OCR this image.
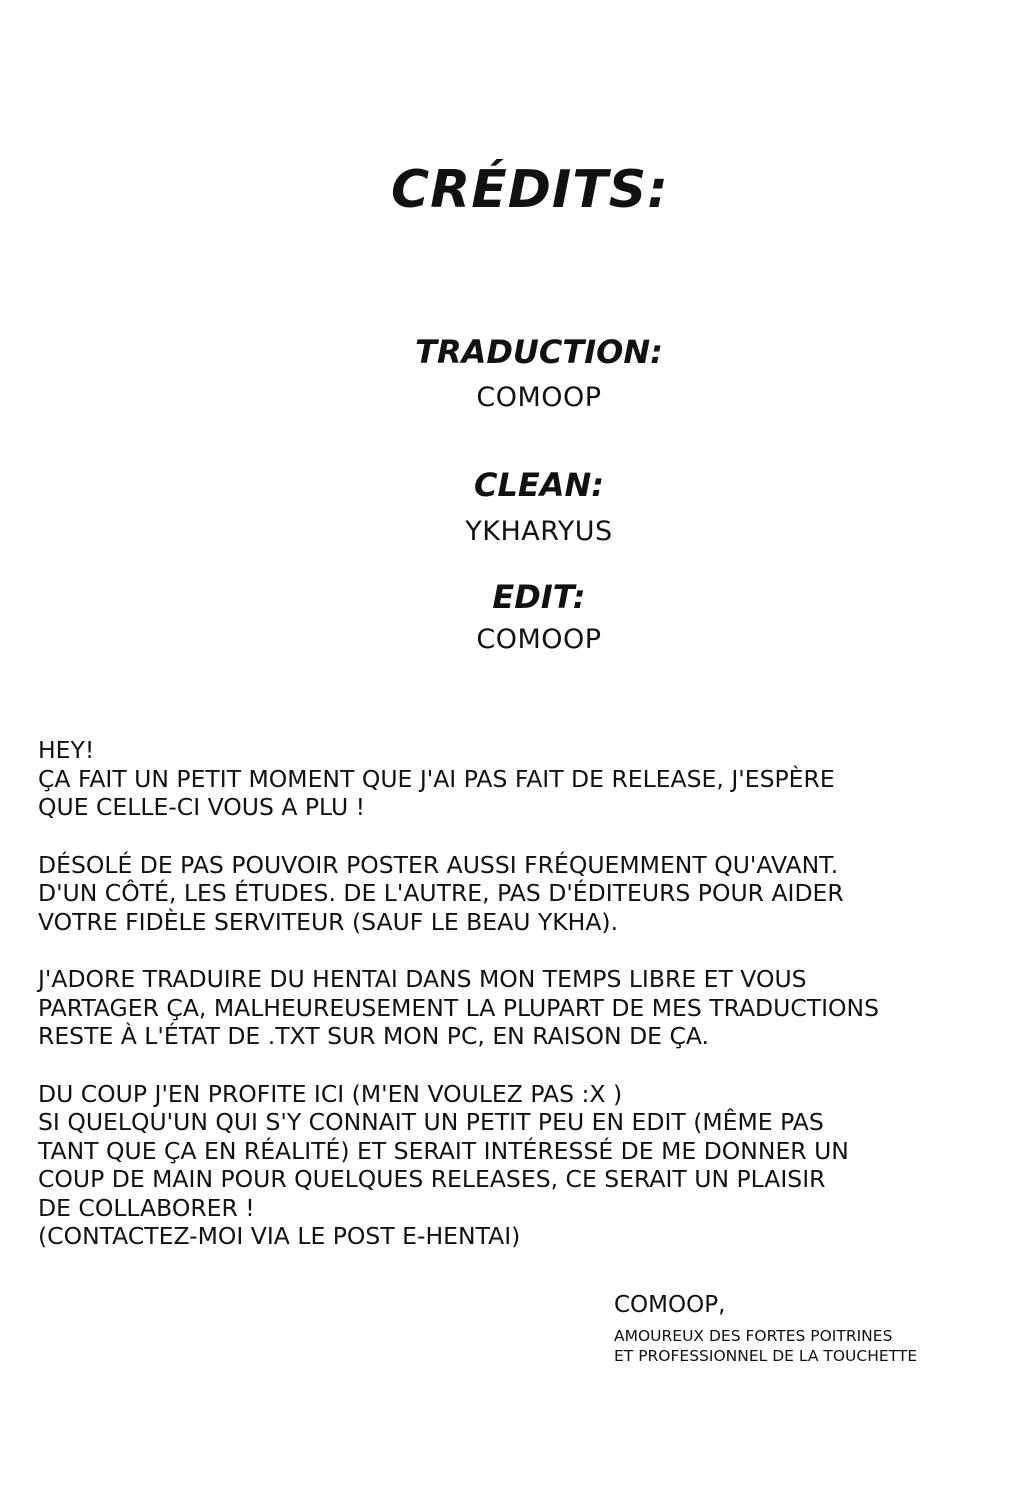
CRÉDITS:
TRADUCTION:
COMOOP
CLEAN:
YKHARYUS
EDIT:
COMOOP

HEY!
ÇA FAIT UN PETIT MOMENT QUE J'AI PAS FAIT DE RELEASE, J'ESPÈRE
QUE CELLE-CI VOUS A PLU !

DÉSOLÉ DE PAS POUVOIR POSTER AUSSI FRÉQUEMMENT QU'AVANT.
D'UN CÔTÉ, LES ÉTUDES. DE L'AUTRE, PAS D'ÉDITEURS POUR AIDER
VOTRE FIDÈLE SERVITEUR (SAUF LE BEAU YKHA).

J'ADORE TRADUIRE DU HENTAI DANS MON TEMPS LIBRE ET VOUS
PARTAGER ÇA, MALHEUREUSEMENT LA PLUPART DE MES TRADUCTIONS
RESTE À L'ÉTAT DE .TXT SUR MON PC, EN RAISON DE ÇA.

DU COUP J'EN PROFITE ICI (M'EN VOULEZ PAS :X )
SI QUELQU'UN QUI S'Y CONNAIT UN PETIT PEU EN EDIT (MÊME PAS
TANT QUE ÇA EN RÉALITÉ) ET SERAIT INTÉRESSÉ DE ME DONNER UN
COUP DE MAIN POUR QUELQUES RELEASES, CE SERAIT UN PLAISIR
DE COLLABORER !
(CONTACTEZ-MOI VIA LE POST E-HENTAI)

COMOOP,
AMOUREUX DES FORTES POITRINES
ET PROFESSIONNEL DE LA TOUCHETTE
